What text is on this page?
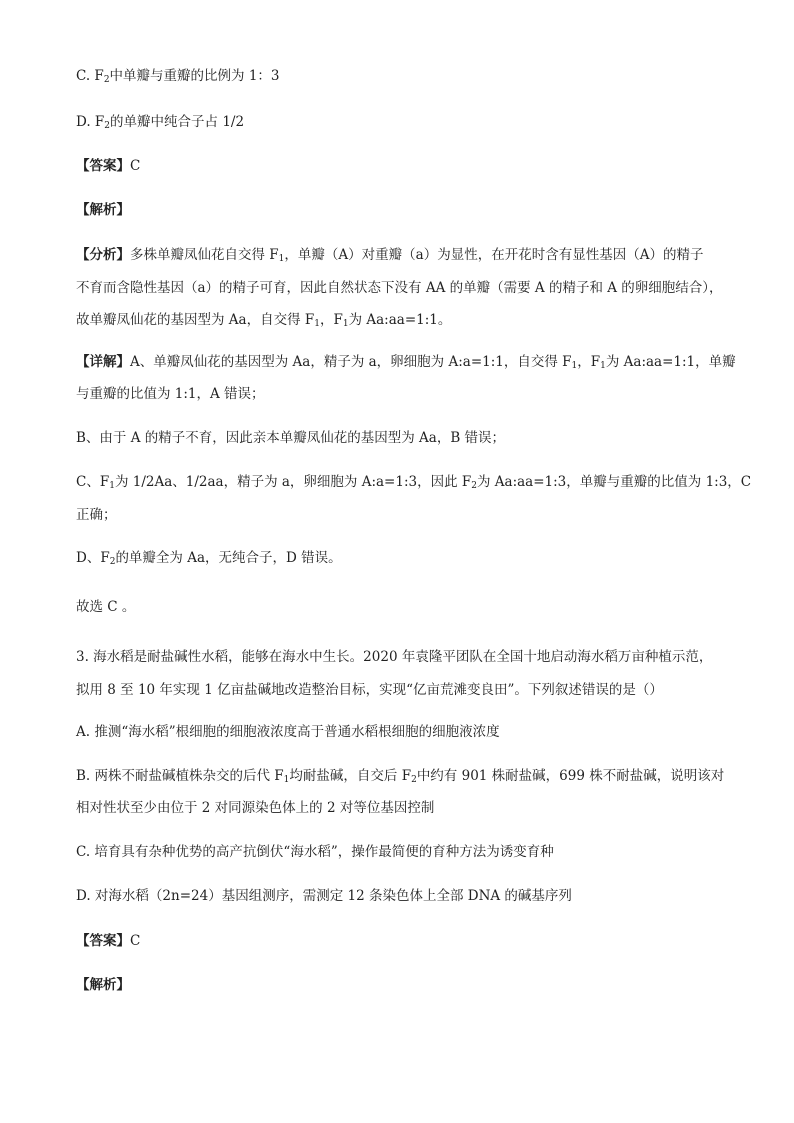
C. $F_2$中单瓣与重瓣的比例为 1：3
D. $F_2$的单瓣中纯合子占 1/2
【答案】C
【解析】
【分析】多株单瓣凤仙花自交得 $F_1$，单瓣（A）对重瓣（a）为显性，在开花时含有显性基因（A）的精子
不育而含隐性基因（a）的精子可育，因此自然状态下没有 AA 的单瓣（需要 A 的精子和 A 的卵细胞结合），
故单瓣凤仙花的基因型为 Aa，自交得 $F_1$，$F_1$为 Aa:aa=1:1。
【详解】A、单瓣凤仙花的基因型为 Aa，精子为 a，卵细胞为 A:a=1:1，自交得 $F_1$，$F_1$为 Aa:aa=1:1，单瓣
与重瓣的比值为 1:1，A 错误；
B、由于 A 的精子不育，因此亲本单瓣凤仙花的基因型为 Aa，B 错误；
C、$F_1$为 1/2Aa、1/2aa，精子为 a，卵细胞为 A:a=1:3，因此 $F_2$为 Aa:aa=1:3，单瓣与重瓣的比值为 1:3，C
正确；
D、$F_2$的单瓣全为 Aa，无纯合子，D 错误。
故选 C 。
3. 海水稻是耐盐碱性水稻，能够在海水中生长。2020 年袁隆平团队在全国十地启动海水稻万亩种植示范，
拟用 8 至 10 年实现 1 亿亩盐碱地改造整治目标，实现“亿亩荒滩变良田”。下列叙述错误的是（）
A. 推测“海水稻”根细胞的细胞液浓度高于普通水稻根细胞的细胞液浓度
B. 两株不耐盐碱植株杂交的后代 $F_1$均耐盐碱，自交后 $F_2$中约有 901 株耐盐碱，699 株不耐盐碱，说明该对
相对性状至少由位于 2 对同源染色体上的 2 对等位基因控制
C. 培育具有杂种优势的高产抗倒伏“海水稻”，操作最简便的育种方法为诱变育种
D. 对海水稻（2n=24）基因组测序，需测定 12 条染色体上全部 DNA 的碱基序列
【答案】C
【解析】
